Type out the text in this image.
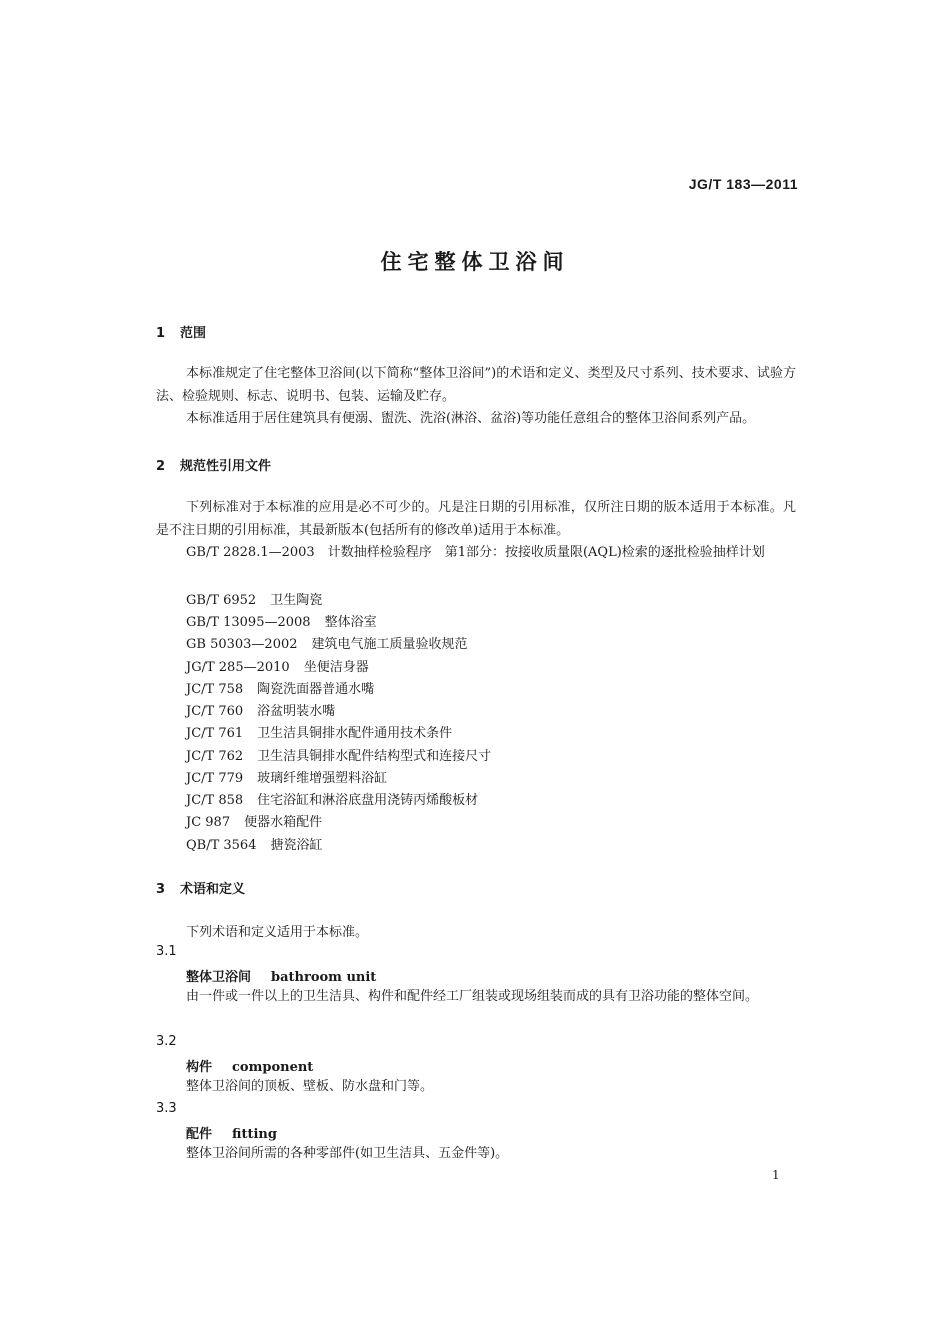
JG/T 183—2011
住宅整体卫浴间
1 范围
本标准规定了住宅整体卫浴间(以下简称“整体卫浴间”)的术语和定义、类型及尺寸系列、技术要求、试验方法、检验规则、标志、说明书、包装、运输及贮存。
本标准适用于居住建筑具有便溺、盥洗、洗浴(淋浴、盆浴)等功能任意组合的整体卫浴间系列产品。
2 规范性引用文件
下列标准对于本标准的应用是必不可少的。凡是注日期的引用标准，仅所注日期的版本适用于本标准。凡是不注日期的引用标准，其最新版本(包括所有的修改单)适用于本标准。
GB/T 2828.1—2003　计数抽样检验程序　第1部分：按接收质量限(AQL)检索的逐批检验抽样计划
GB/T 6952 卫生陶瓷
GB/T 13095—2008 整体浴室
GB 50303—2002 建筑电气施工质量验收规范
JG/T 285—2010 坐便洁身器
JC/T 758 陶瓷洗面器普通水嘴
JC/T 760 浴盆明装水嘴
JC/T 761 卫生洁具铜排水配件通用技术条件
JC/T 762 卫生洁具铜排水配件结构型式和连接尺寸
JC/T 779 玻璃纤维增强塑料浴缸
JC/T 858 住宅浴缸和淋浴底盘用浇铸丙烯酸板材
JC 987 便器水箱配件
QB/T 3564 搪瓷浴缸
3 术语和定义
下列术语和定义适用于本标准。
3.1
整体卫浴间 bathroom unit
由一件或一件以上的卫生洁具、构件和配件经工厂组装或现场组装而成的具有卫浴功能的整体空间。
3.2
构件 component
整体卫浴间的顶板、壁板、防水盘和门等。
3.3
配件 fitting
整体卫浴间所需的各种零部件(如卫生洁具、五金件等)。
1
